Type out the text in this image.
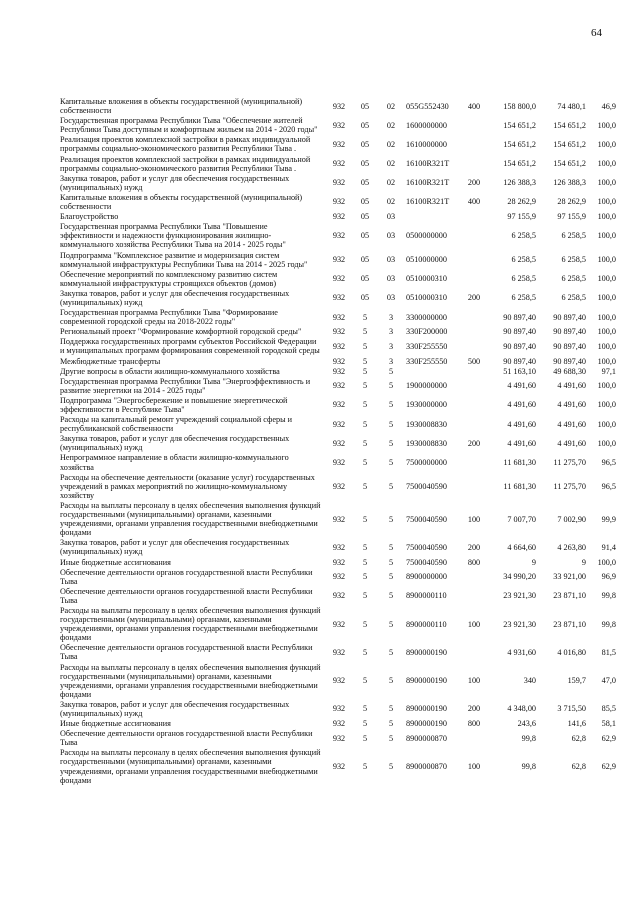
64
Капитальные вложения в объекты государственной (муниципальной) собственности	932	05	02	055G552430	400	158 800,0	74 480,1	46,9
Государственная программа Республики Тыва "Обеспечение жителей Республики Тыва доступным и комфортным жильем на 2014 - 2020 годы"	932	05	02	1600000000		154 651,2	154 651,2	100,0
Реализация проектов комплексной застройки в рамках индивидуальной программы социально-экономического развития Республики Тыва .	932	05	02	1610000000		154 651,2	154 651,2	100,0
Реализация проектов комплексной застройки в рамках индивидуальной программы социально-экономического развития Республики Тыва .	932	05	02	16100R321T		154 651,2	154 651,2	100,0
Закупка товаров, работ и услуг для обеспечения государственных (муниципальных) нужд	932	05	02	16100R321T	200	126 388,3	126 388,3	100,0
Капитальные вложения в объекты государственной (муниципальной) собственности	932	05	02	16100R321T	400	28 262,9	28 262,9	100,0
Благоустройство	932	05	03			97 155,9	97 155,9	100,0
Государственная программа Республики Тыва "Повышение эффективности и надежности функционирования жилищно-коммунального хозяйства Республики Тыва на 2014 - 2025 годы"	932	05	03	0500000000		6 258,5	6 258,5	100,0
Подпрограмма "Комплексное развитие и модернизация систем коммунальной инфраструктуры Республики Тыва на 2014 - 2025 годы"	932	05	03	0510000000		6 258,5	6 258,5	100,0
Обеспечение мероприятий по комплексному развитию систем коммунальной инфраструктуры строящихся объектов (домов)	932	05	03	0510000310		6 258,5	6 258,5	100,0
Закупка товаров, работ и услуг для обеспечения государственных (муниципальных) нужд	932	05	03	0510000310	200	6 258,5	6 258,5	100,0
Государственная программа Республики Тыва "Формирование современной городской среды на 2018-2022 годы"	932	5	3	3300000000		90 897,40	90 897,40	100,0
Региональный проект "Формирование комфортной городской среды"	932	5	3	330F200000		90 897,40	90 897,40	100,0
Поддержка государственных программ субъектов Российской Федерации и муниципальных программ формирования современной городской среды	932	5	3	330F255550		90 897,40	90 897,40	100,0
Межбюджетные трансферты	932	5	3	330F255550	500	90 897,40	90 897,40	100,0
Другие вопросы в области жилищно-коммунального хозяйства	932	5	5			51 163,10	49 688,30	97,1
Государственная программа Республики Тыва "Энергоэффективность и развитие энергетики на 2014 - 2025 годы"	932	5	5	1900000000		4 491,60	4 491,60	100,0
Подпрограмма "Энергосбережение и повышение энергетической эффективности в Республике Тыва"	932	5	5	1930000000		4 491,60	4 491,60	100,0
Расходы на капитальный ремонт учреждений социальной сферы и республиканской собственности	932	5	5	1930008830		4 491,60	4 491,60	100,0
Закупка товаров, работ и услуг для обеспечения государственных (муниципальных) нужд	932	5	5	1930008830	200	4 491,60	4 491,60	100,0
Непрограммное направление в области жилищно-коммунального хозяйства	932	5	5	7500000000		11 681,30	11 275,70	96,5
Расходы на обеспечение деятельности (оказание услуг) государственных учреждений в рамках мероприятий по жилищно-коммунальному хозяйству	932	5	5	7500040590		11 681,30	11 275,70	96,5
Расходы на выплаты персоналу в целях обеспечения выполнения функций государственными (муниципальными) органами, казенными учреждениями, органами управления государственными внебюджетными фондами	932	5	5	7500040590	100	7 007,70	7 002,90	99,9
Закупка товаров, работ и услуг для обеспечения государственных (муниципальных) нужд	932	5	5	7500040590	200	4 664,60	4 263,80	91,4
Иные бюджетные ассигнования	932	5	5	7500040590	800	9	9	100,0
Обеспечение деятельности органов государственной власти Республики Тыва	932	5	5	8900000000		34 990,20	33 921,00	96,9
Обеспечение деятельности органов государственной власти Республики Тыва	932	5	5	8900000110		23 921,30	23 871,10	99,8
Расходы на выплаты персоналу в целях обеспечения выполнения функций государственными (муниципальными) органами, казенными учреждениями, органами управления государственными внебюджетными фондами	932	5	5	8900000110	100	23 921,30	23 871,10	99,8
Обеспечение деятельности органов государственной власти Республики Тыва	932	5	5	8900000190		4 931,60	4 016,80	81,5
Расходы на выплаты персоналу в целях обеспечения выполнения функций государственными (муниципальными) органами, казенными учреждениями, органами управления государственными внебюджетными фондами	932	5	5	8900000190	100	340	159,7	47,0
Закупка товаров, работ и услуг для обеспечения государственных (муниципальных) нужд	932	5	5	8900000190	200	4 348,00	3 715,50	85,5
Иные бюджетные ассигнования	932	5	5	8900000190	800	243,6	141,6	58,1
Обеспечение деятельности органов государственной власти Республики Тыва	932	5	5	8900000870		99,8	62,8	62,9
Расходы на выплаты персоналу в целях обеспечения выполнения функций государственными (муниципальными) органами, казенными учреждениями, органами управления государственными внебюджетными фондами	932	5	5	8900000870	100	99,8	62,8	62,9
